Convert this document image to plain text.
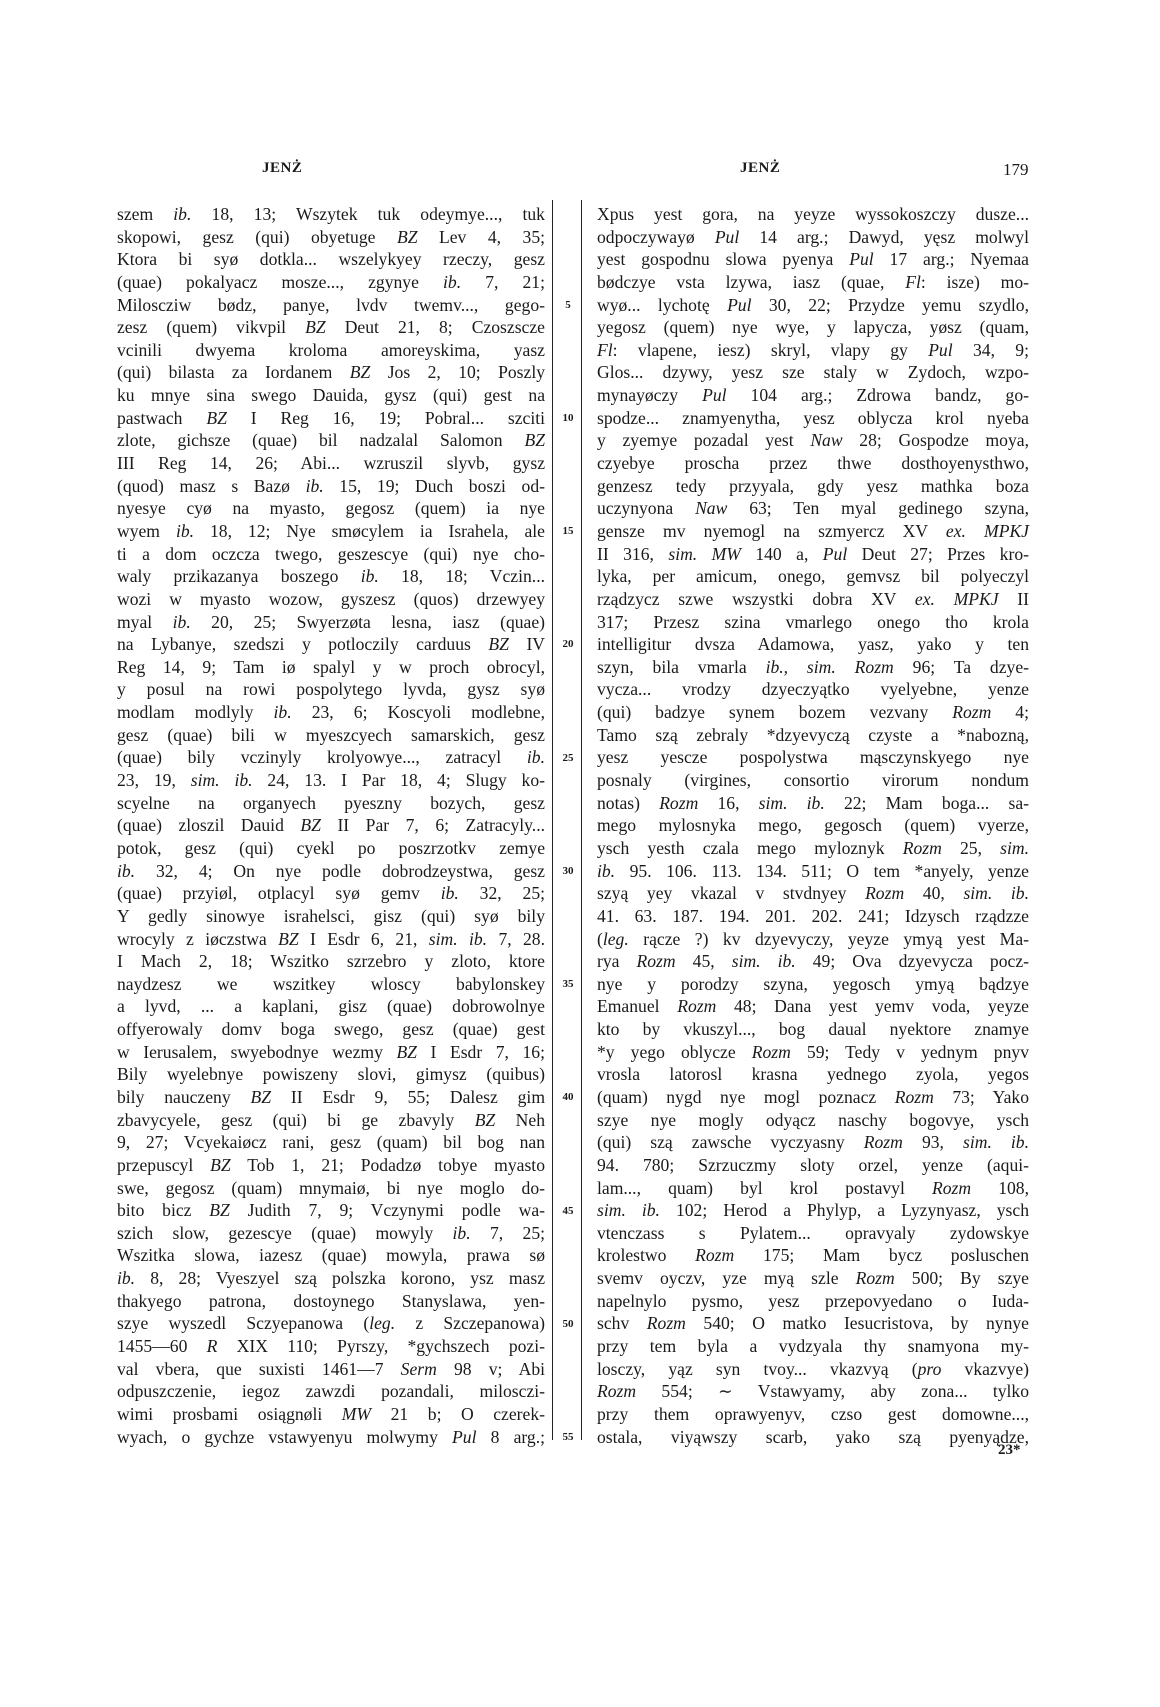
JENŻ	JENŻ	179
szem ib. 18, 13; Wszytek tuk odeymye..., tuk
skopowi, gesz (qui) obyetuge BZ Lev 4, 35;
Ktora bi syø dotkla... wszelykyey rzeczy, gesz
(quae) pokalyacz mosze..., zgynye ib. 7, 21;
Miloscziw bødz, panye, lvdv twemv..., gego-
zesz (quem) vikvpil BZ Deut 21, 8; Czoszscze
vcinili dwyema kroloma amoreyskima, yasz
(qui) bilasta za Iordanem BZ Jos 2, 10; Poszly
ku mnye sina swego Dauida, gysz (qui) gest na
pastwach BZ I Reg 16, 19; Pobral... szciti
zlote, gichsze (quae) bil nadzalal Salomon BZ
III Reg 14, 26; Abi... wzruszil slyvb, gysz
(quod) masz s Bazø ib. 15, 19; Duch boszi od-
nyesye cyø na myasto, gegosz (quem) ia nye
wyem ib. 18, 12; Nye smøcylem ia Israhela, ale
ti a dom oczcza twego, geszescye (qui) nye cho-
waly przikazanya boszego ib. 18, 18; Vczin...
wozi w myasto wozow, gyszesz (quos) drzewyey
myal ib. 20, 25; Swyerzøta lesna, iasz (quae)
na Lybanye, szedszi y potloczily carduus BZ IV
Reg 14, 9; Tam iø spalyl y w proch obrocyl,
y posul na rowi pospolytego lyvda, gysz syø
modlam modlyly ib. 23, 6; Koscyoli modlebne,
gesz (quae) bili w myeszcyech samarskich, gesz
(quae) bily vczinyly krolyowye..., zatracyl ib.
23, 19, sim. ib. 24, 13. I Par 18, 4; Slugy ko-
scyelne na organyech pyeszny bozych, gesz
(quae) zloszil Dauid BZ II Par 7, 6; Zatracyly...
potok, gesz (qui) cyekl po poszrzotkv zemye
ib. 32, 4; On nye podle dobrodzeystwa, gesz
(quae) przyiøl, otplacyl syø gemv ib. 32, 25;
Y gedly sinowye israhelsci, gisz (qui) syø bily
wrocyly z iøczstwa BZ I Esdr 6, 21, sim. ib. 7, 28.
I Mach 2, 18; Wszitko szrzebro y zloto, ktore
naydzesz we wszitkey wloscy babylonskey
a lyvd, ... a kaplani, gisz (quae) dobrowolnye
offyerowaly domv boga swego, gesz (quae) gest
w Ierusalem, swyebodnye wezmy BZ I Esdr 7, 16;
Bily wyelebnye powiszeny slovi, gimysz (quibus)
bily nauczeny BZ II Esdr 9, 55; Dalesz gim
zbavycyele, gesz (qui) bi ge zbavyly BZ Neh
9, 27; Vcyekaiøcz rani, gesz (quam) bil bog nan
przepuscyl BZ Tob 1, 21; Podadzø tobye myasto
swe, gegosz (quam) mnymaiø, bi nye moglo do-
bito bicz BZ Judith 7, 9; Vczynymi podle wa-
szich slow, gezescye (quae) mowyly ib. 7, 25;
Wszitka slowa, iazesz (quae) mowyla, prawa sø
ib. 8, 28; Vyeszyel szą polszka korono, ysz masz
thakyego patrona, dostoynego Stanyslawa, yen-
szye wyszedl Sczyepanowa (leg. z Szczepanowa)
1455—60 R XIX 110; Pyrszy, *gychszech pozi-
val vbera, que suxisti 1461—7 Serm 98 v; Abi
odpuszczenie, iegoz zawzdi pozandali, milosczi-
wimi prosbami osiągnøli MW 21 b; O czerek-
wyach, o gychze vstawyenyu molwymy Pul 8 arg.;
5
10
15
20
25
30
35
40
45
50
55
Xpus yest gora, na yeyze wyssokoszczy dusze...
odpoczywayø Pul 14 arg.; Dawyd, yęsz molwyl
yest gospodnu slowa pyenya Pul 17 arg.; Nyemaa
bødczye vsta lzywa, iasz (quae, Fl: isze) mo-
wyø... lychotę Pul 30, 22; Przydze yemu szydlo,
yegosz (quem) nye wye, y lapycza, yøsz (quam,
Fl: vlapene, iesz) skryl, vlapy gy Pul 34, 9;
Glos... dzywy, yesz sze staly w Zydoch, wzpo-
mynayøczy Pul 104 arg.; Zdrowa bandz, go-
spodze... znamyenytha, yesz oblycza krol nyeba
y zyemye pozadal yest Naw 28; Gospodze moya,
czyebye proscha przez thwe dosthoyenysthwo,
genzesz tedy przyyala, gdy yesz mathka boza
uczynyona Naw 63; Ten myal gedinego szyna,
gensze mv nyemogl na szmyercz XV ex. MPKJ
II 316, sim. MW 140 a, Pul Deut 27; Przes kro-
lyka, per amicum, onego, gemvsz bil polyeczyl
rządzycz szwe wszystki dobra XV ex. MPKJ II
317; Przesz szina vmarlego onego tho krola
intelligitur dvsza Adamowa, yasz, yako y ten
szyn, bila vmarla ib., sim. Rozm 96; Ta dzye-
vycza... vrodzy dzyeczyątko vyelyebne, yenze
(qui) badzye synem bozem vezvany Rozm 4;
Tamo szą zebraly *dzyevyczą czyste a *nabozną,
yesz yescze pospolystwa mąsczynskyego nye
posnaly (virgines, consortio virorum nondum
notas) Rozm 16, sim. ib. 22; Mam boga... sa-
mego mylosnyka mego, gegosch (quem) vyerze,
ysch yesth czala mego myloznyk Rozm 25, sim.
ib. 95. 106. 113. 134. 511; O tem *anyely, yenze
szyą yey vkazal v stvdnyey Rozm 40, sim. ib.
41. 63. 187. 194. 201. 202. 241; Idzysch rządzze
(leg. rącze ?) kv dzyevyczy, yeyze ymyą yest Ma-
rya Rozm 45, sim. ib. 49; Ova dzyevycza pocz-
nye y porodzy szyna, yegosch ymyą bądzye
Emanuel Rozm 48; Dana yest yemv voda, yeyze
kto by vkuszyl..., bog daual nyektore znamye
*y yego oblycze Rozm 59; Tedy v yednym pnyv
vrosla latorosl krasna yednego zyola, yegos
(quam) nygd nye mogl poznacz Rozm 73; Yako
szye nye mogly odyącz naschy bogovye, ysch
(qui) szą zawsche vyczyasny Rozm 93, sim. ib.
94. 780; Szrzuczmy sloty orzel, yenze (aqui-
lam..., quam) byl krol postavyl Rozm 108,
sim. ib. 102; Herod a Phylyp, a Lyzynyasz, ysch
vtenczass s Pylatem... opravyaly zydowskye
krolestwo Rozm 175; Mam bycz posluschen
svemv oyczv, yze myą szle Rozm 500; By szye
napelnylo pysmo, yesz przepovyedano o Iuda-
schv Rozm 540; O matko Iesucristova, by nynye
przy tem byla a vydzyala thy snamyona my-
losczy, yąz syn tvoy... vkazvyą (pro vkazvye)
Rozm 554; ∼ Vstawyamy, aby zona... tylko
przy them oprawyenyv, czso gest domowne...,
ostala, viyąwszy scarb, yako szą pyenyądze,
23*
